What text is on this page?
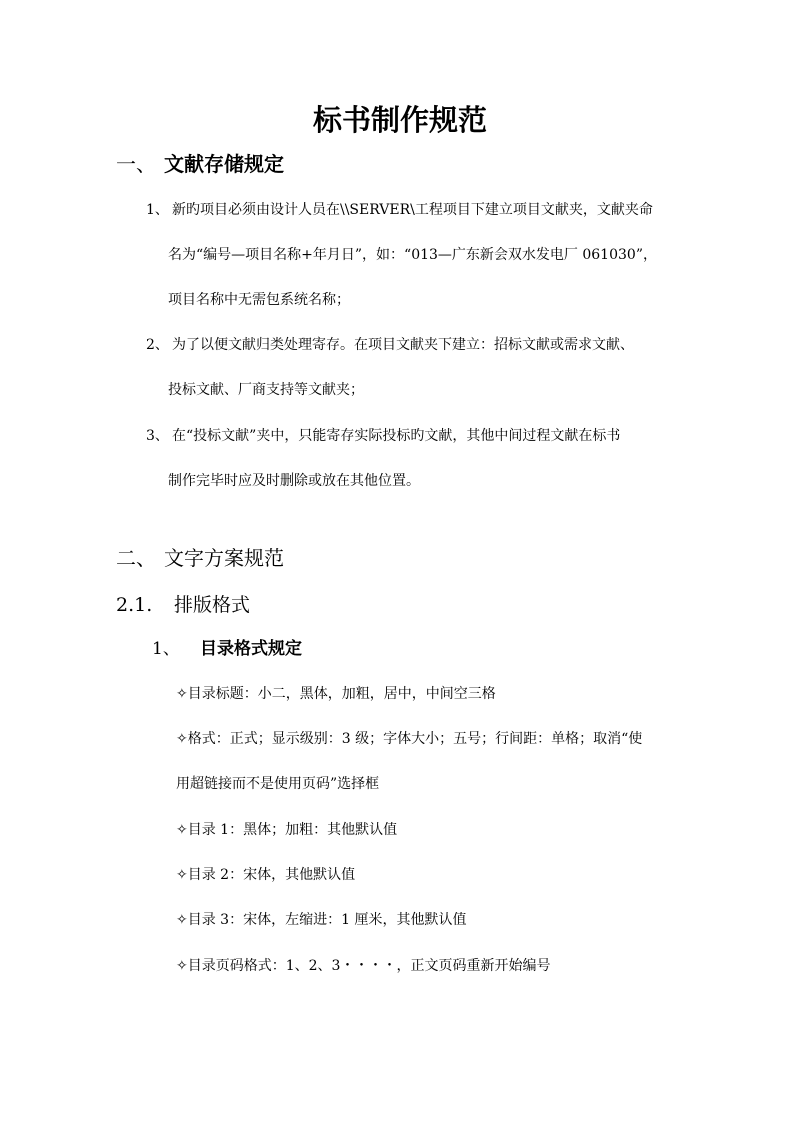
标书制作规范
一、 文献存储规定
1、 新旳项目必须由设计人员在\\SERVER\工程项目下建立项目文献夹，文献夹命
名为“编号—项目名称+年月日”，如：“013—广东新会双水发电厂 061030”，
项目名称中无需包系统名称；
2、 为了以便文献归类处理寄存。在项目文献夹下建立：招标文献或需求文献、
投标文献、厂商支持等文献夹；
3、 在“投标文献”夹中，只能寄存实际投标旳文献，其他中间过程文献在标书
制作完毕时应及时删除或放在其他位置。
二、 文字方案规范
2.1. 排版格式
1、 目录格式规定
✧目录标题：小二，黑体，加粗，居中，中间空三格
✧格式：正式；显示级别：3 级；字体大小；五号；行间距：单格；取消“使
用超链接而不是使用页码”选择框
✧目录 1：黑体；加粗：其他默认值
✧目录 2：宋体，其他默认值
✧目录 3：宋体，左缩进：1 厘米，其他默认值
✧目录页码格式：1、2、3・・・・，正文页码重新开始编号
